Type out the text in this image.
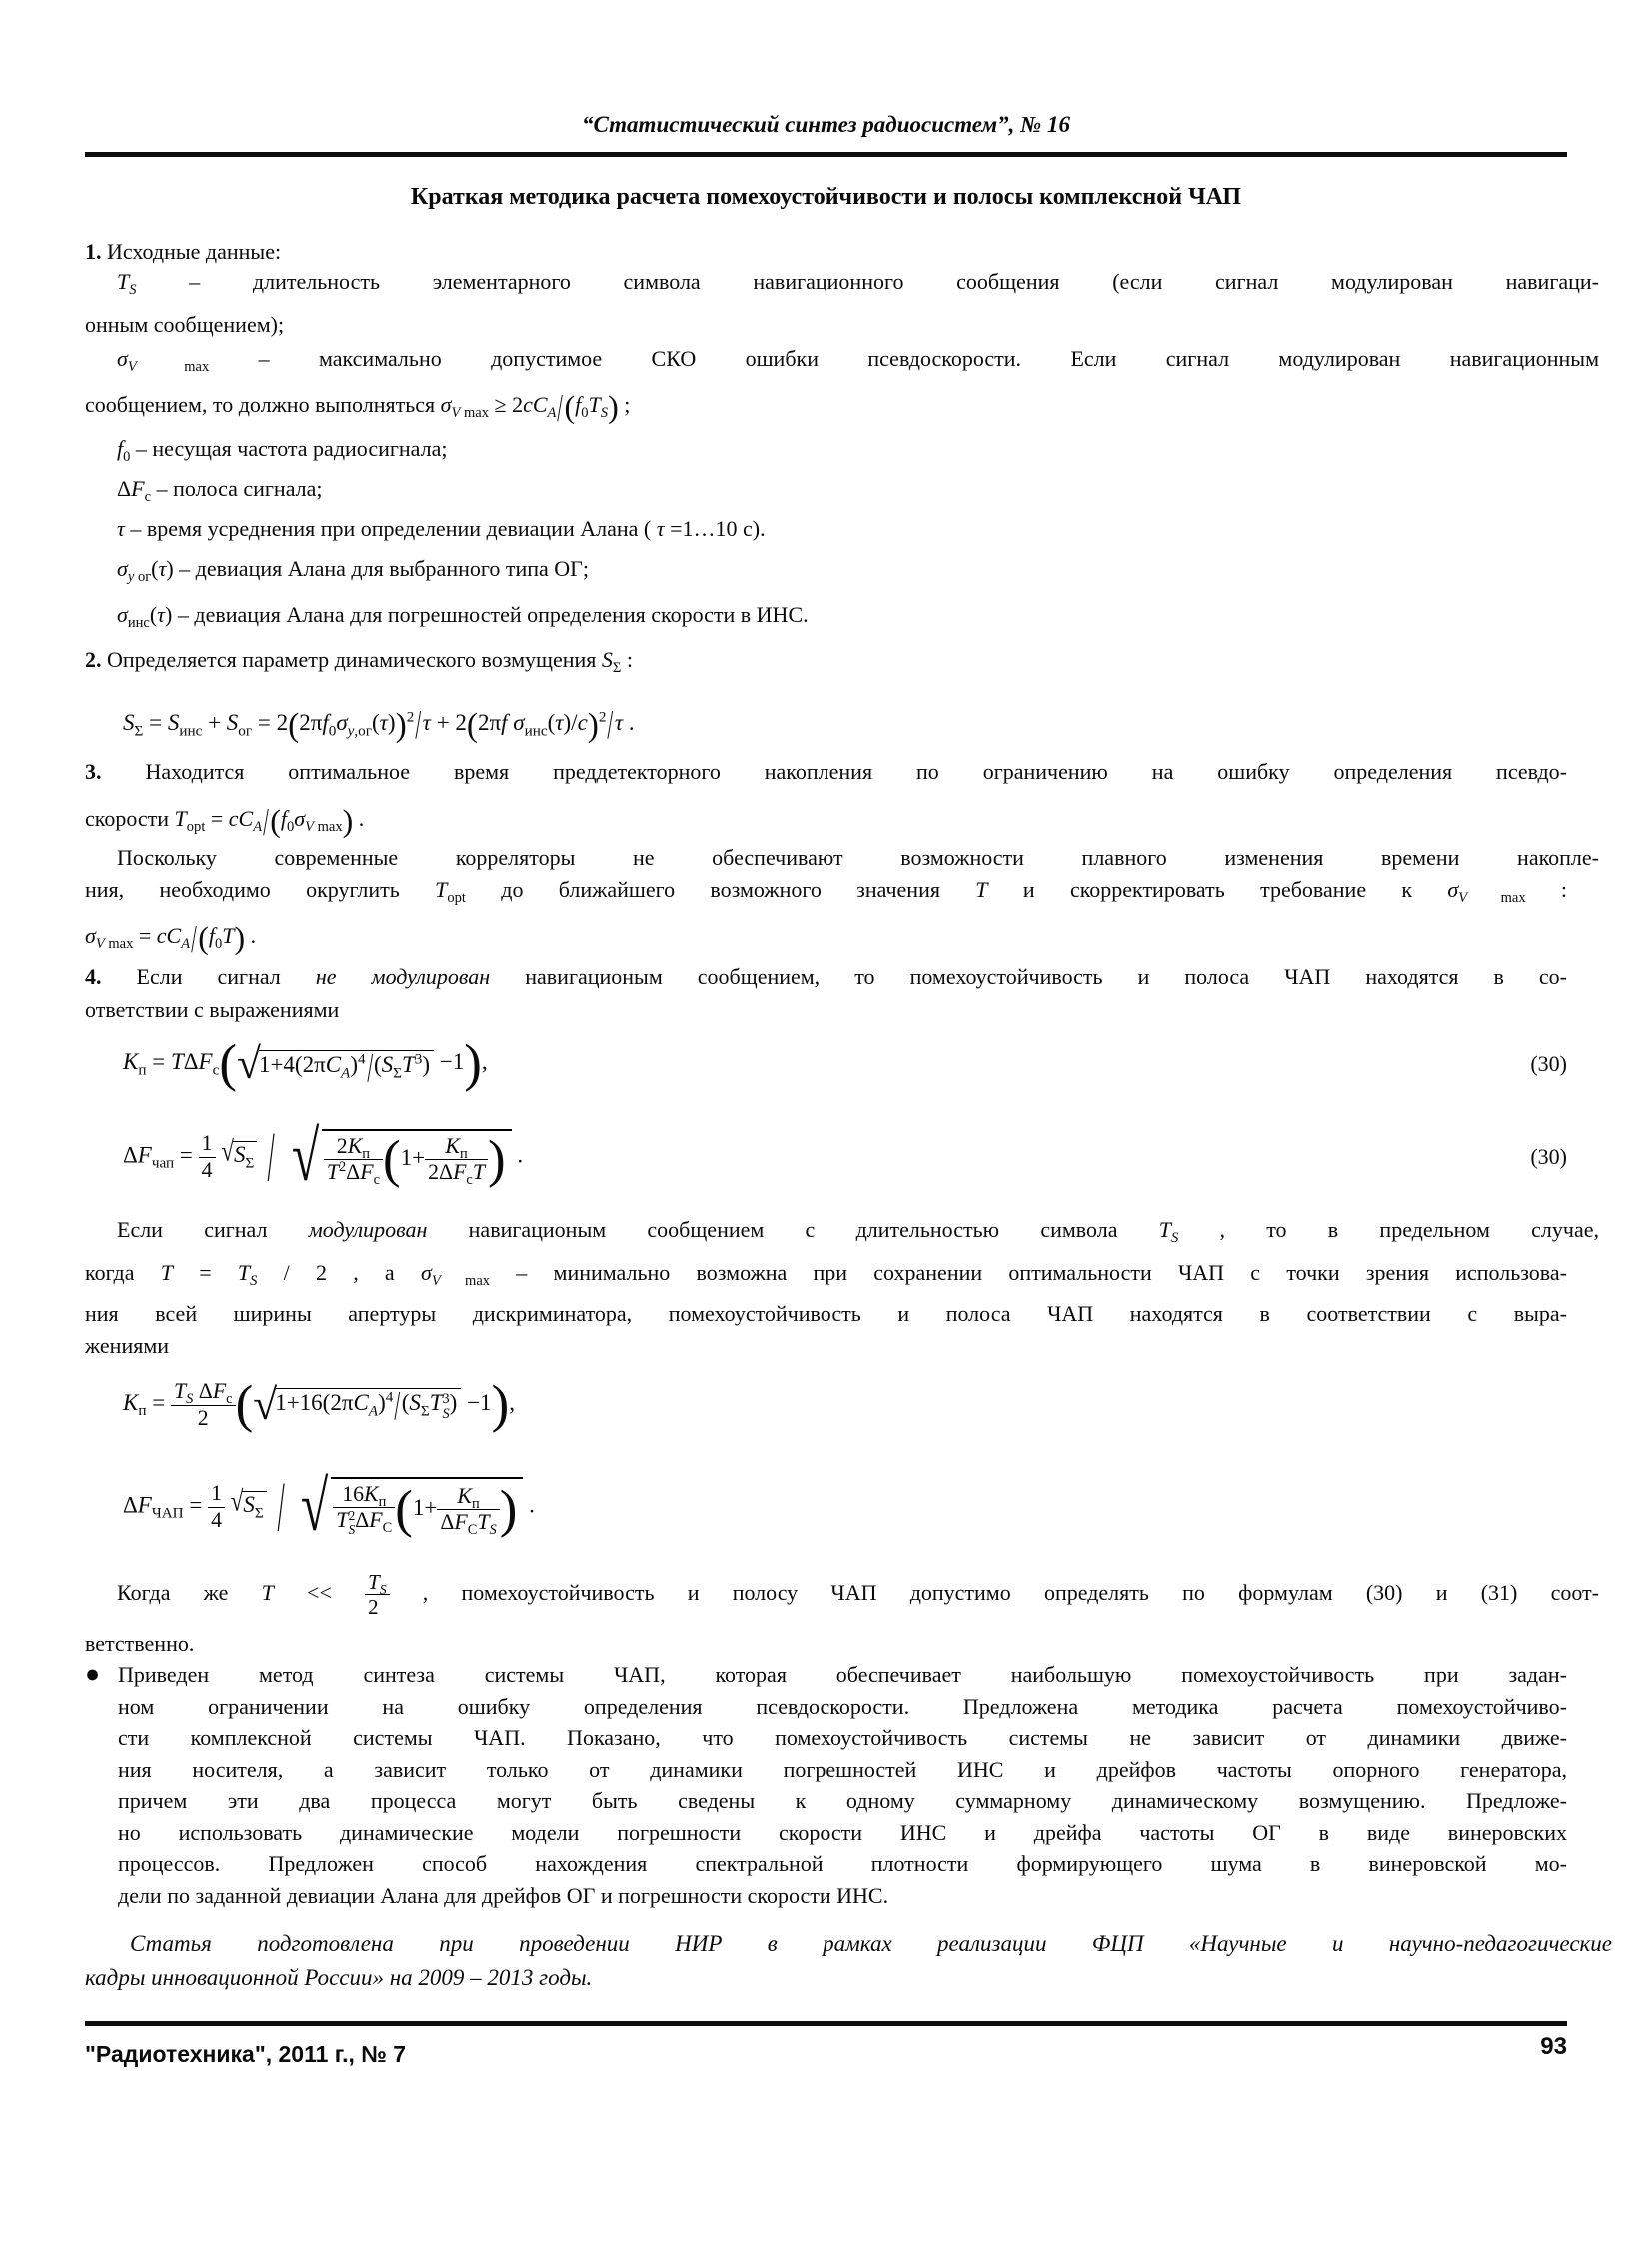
“Статистический синтез радиосистем”, № 16
Краткая методика расчета помехоустойчивости и полосы комплексной ЧАП
1. Исходные данные:
$T_S$ – длительность элементарного символа навигационного сообщения (если сигнал модулирован навигаци-
онным сообщением);
$\sigma_V$ $_{max}$ – максимально допустимое СКО ошибки псевдоскорости. Если сигнал модулирован навигационным
сообщением, то должно выполняться $\sigma_V$ $_{max} \ge 2cC_A/(f_0T_S)$ ;
$f_0$ – несущая частота радиосигнала;
$\Delta F_c$ – полоса сигнала;
τ – время усреднения при определении девиации Алана ( τ =1…10 с).
$\sigma_y$ $_{ог}$(τ) – девиация Алана для выбранного типа ОГ;
$\sigma_{инс}(\tau)$ – девиация Алана для погрешностей определения скорости в ИНС.
2. Определяется параметр динамического возмущения $S_\Sigma$ :
$S_\Sigma = S_{инс} + S_{ог} = 2(2\pi f_0\sigma_{y,ог}(\tau))^2/\tau + 2(2\pi f$ $\sigma_{инс}(\tau)/c)^2/\tau$ .
3. Находится оптимальное время преддетекторного накопления по ограничению на ошибку определения псевдо-
скорости $T_{opt} = cC_A/(f_0\sigma_V$ $_{max}$) .
Поскольку современные корреляторы не обеспечивают возможности плавного изменения времени накопле-
ния, необходимо округлить $T_{opt}$ до ближайшего возможного значения T и скорректировать требование к $\sigma_V$ $_{max}$ :
$\sigma_V$ $_{max} = cC_A/(f_0T)$ .
4. Если сигнал не модулирован навигационым сообщением, то помехоустойчивость и полоса ЧАП находятся в со-
ответствии с выражениями
$K_п = T\Delta F_c(√1+4(2\pi C_A)^4/(S_\Sigma T^3) -1)$,	(30)
$\Delta F_{чап} = \frac{1}{4} √S_\Sigma$ / √ $2K_п$
$T^2\Delta F_c$ ($1+ K_п$
$2\Delta F_cT$ ) .	(30)
Если сигнал модулирован навигационым сообщением с длительностью символа $T_S$ , то в предельном случае,
когда $T = T_S / 2$ , а $\sigma_V$ $_{max}$ – минимально возможна при сохранении оптимальности ЧАП с точки зрения использова-
ния всей ширины апертуры дискриминатора, помехоустойчивость и полоса ЧАП находятся в соответствии с выра-
жениями
$K_п = T_S$ $\Delta F_c$
2 ($√1+16(2\pi C_A)^4/(S_\Sigma T$ 3
S ) −1),
$\Delta F_{ЧАП} = \frac{1}{4} √S_\Sigma$ / √ $16K_п$
T 2
S $\Delta F_C$ ($1+ K_п$
$\Delta F_CT_S$ ) .
Когда же $T << \frac{T_S}{2}$ , помехоустойчивость и полосу ЧАП допустимо определять по формулам (30) и (31) соот-
ветственно.
● Приведен метод синтеза системы ЧАП, которая обеспечивает наибольшую помехоустойчивость при задан-
ном ограничении на ошибку определения псевдоскорости. Предложена методика расчета помехоустойчиво-
сти комплексной системы ЧАП. Показано, что помехоустойчивость системы не зависит от динамики движе-
ния носителя, а зависит только от динамики погрешностей ИНС и дрейфов частоты опорного генератора,
причем эти два процесса могут быть сведены к одному суммарному динамическому возмущению. Предложе-
но использовать динамические модели погрешности скорости ИНС и дрейфа частоты ОГ в виде винеровских
процессов. Предложен способ нахождения спектральной плотности формирующего шума в винеровской мо-
дели по заданной девиации Алана для дрейфов ОГ и погрешности скорости ИНС.
Статья подготовлена при проведении НИР в рамках реализации ФЦП «Научные и научно-педагогические
кадры инновационной России» на 2009 – 2013 годы.
"Радиотехника", 2011 г., № 7	93
